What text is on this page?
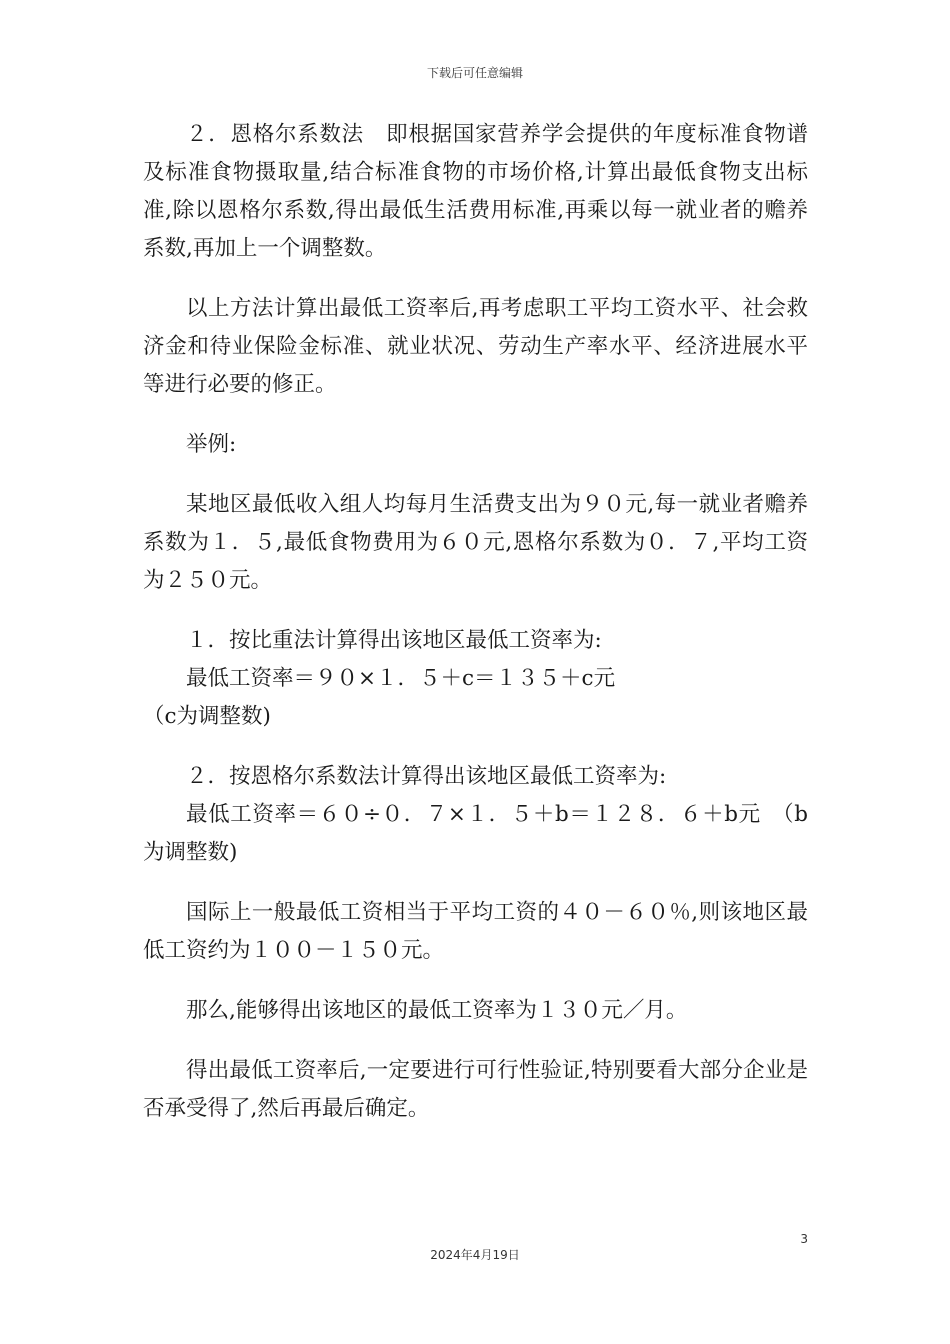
下载后可任意编辑

２．恩格尔系数法　即根据国家营养学会提供的年度标准食物谱及标准食物摄取量,结合标准食物的市场价格,计算出最低食物支出标准,除以恩格尔系数,得出最低生活费用标准,再乘以每一就业者的赡养系数,再加上一个调整数。

以上方法计算出最低工资率后,再考虑职工平均工资水平、社会救济金和待业保险金标准、就业状况、劳动生产率水平、经济进展水平等进行必要的修正。

举例:

某地区最低收入组人均每月生活费支出为９０元,每一就业者赡养系数为１．５,最低食物费用为６０元,恩格尔系数为０．７,平均工资为２５０元。

１．按比重法计算得出该地区最低工资率为:

最低工资率＝９０×１．５＋c＝１３５＋c元

（c为调整数)

２．按恩格尔系数法计算得出该地区最低工资率为:

最低工资率＝６０÷０．７×１．５＋b＝１２８．６＋b元　（b为调整数)

国际上一般最低工资相当于平均工资的４０－６０％,则该地区最低工资约为１００－１５０元。

那么,能够得出该地区的最低工资率为１３０元／月。

得出最低工资率后,一定要进行可行性验证,特别要看大部分企业是否承受得了,然后再最后确定。

3
2024年4月19日
